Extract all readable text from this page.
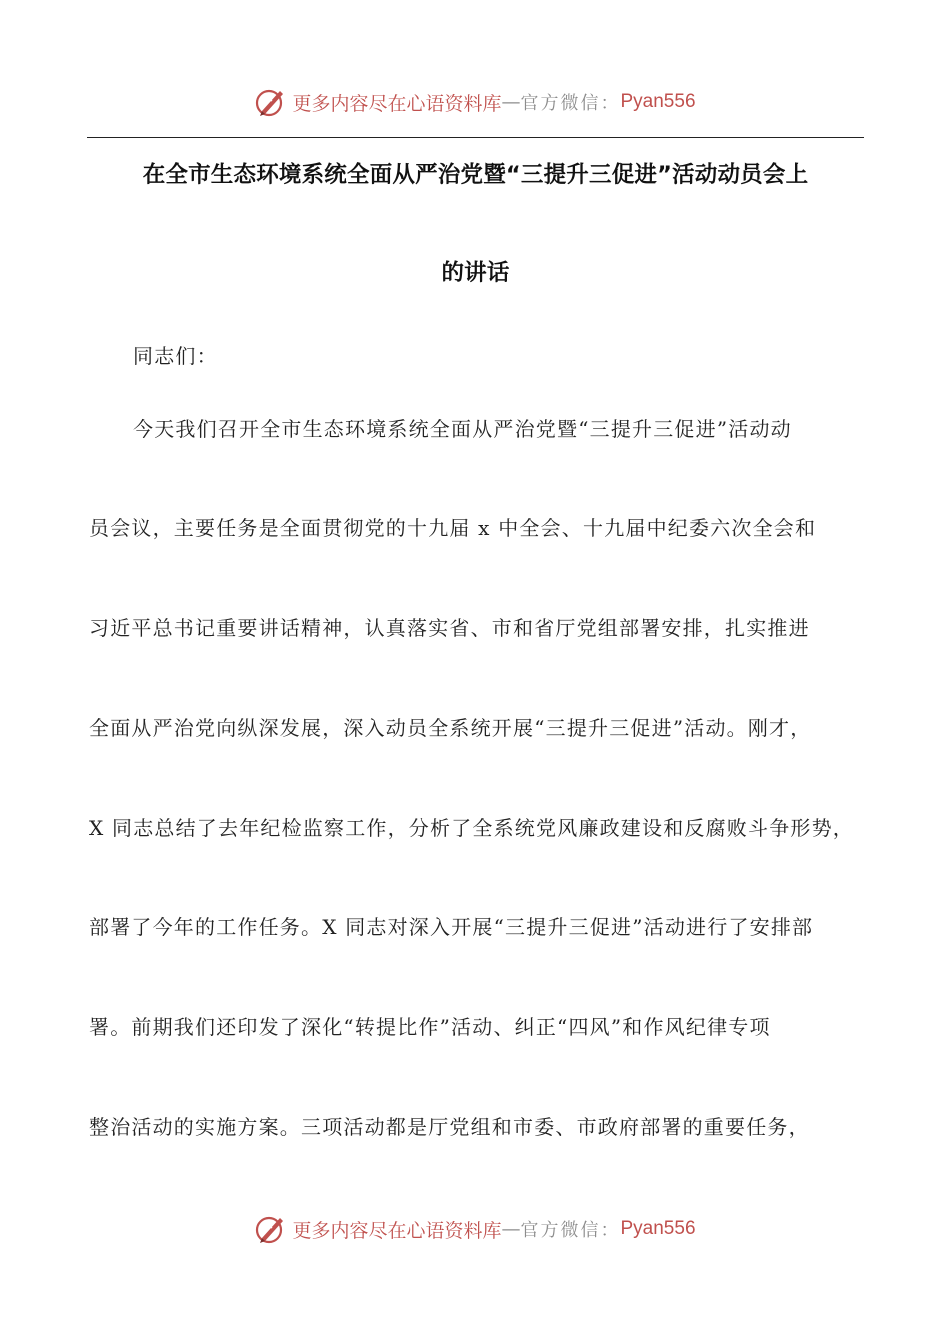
更多内容尽在心语资料库 — 官方微信： Pyan556
在全市生态环境系统全面从严治党暨“三提升三促进”活动动员会上
的讲话
同志们：
今天我们召开全市生态环境系统全面从严治党暨“三提升三促进”活动动
员会议，主要任务是全面贯彻党的十九届 x 中全会、十九届中纪委六次全会和
习近平总书记重要讲话精神，认真落实省、市和省厅党组部署安排，扎实推进
全面从严治党向纵深发展，深入动员全系统开展“三提升三促进”活动。刚才，
X 同志总结了去年纪检监察工作，分析了全系统党风廉政建设和反腐败斗争形势，
部署了今年的工作任务。X 同志对深入开展“三提升三促进”活动进行了安排部
署。前期我们还印发了深化“转提比作”活动、纠正“四风”和作风纪律专项
整治活动的实施方案。三项活动都是厅党组和市委、市政府部署的重要任务，
更多内容尽在心语资料库 — 官方微信： Pyan556
